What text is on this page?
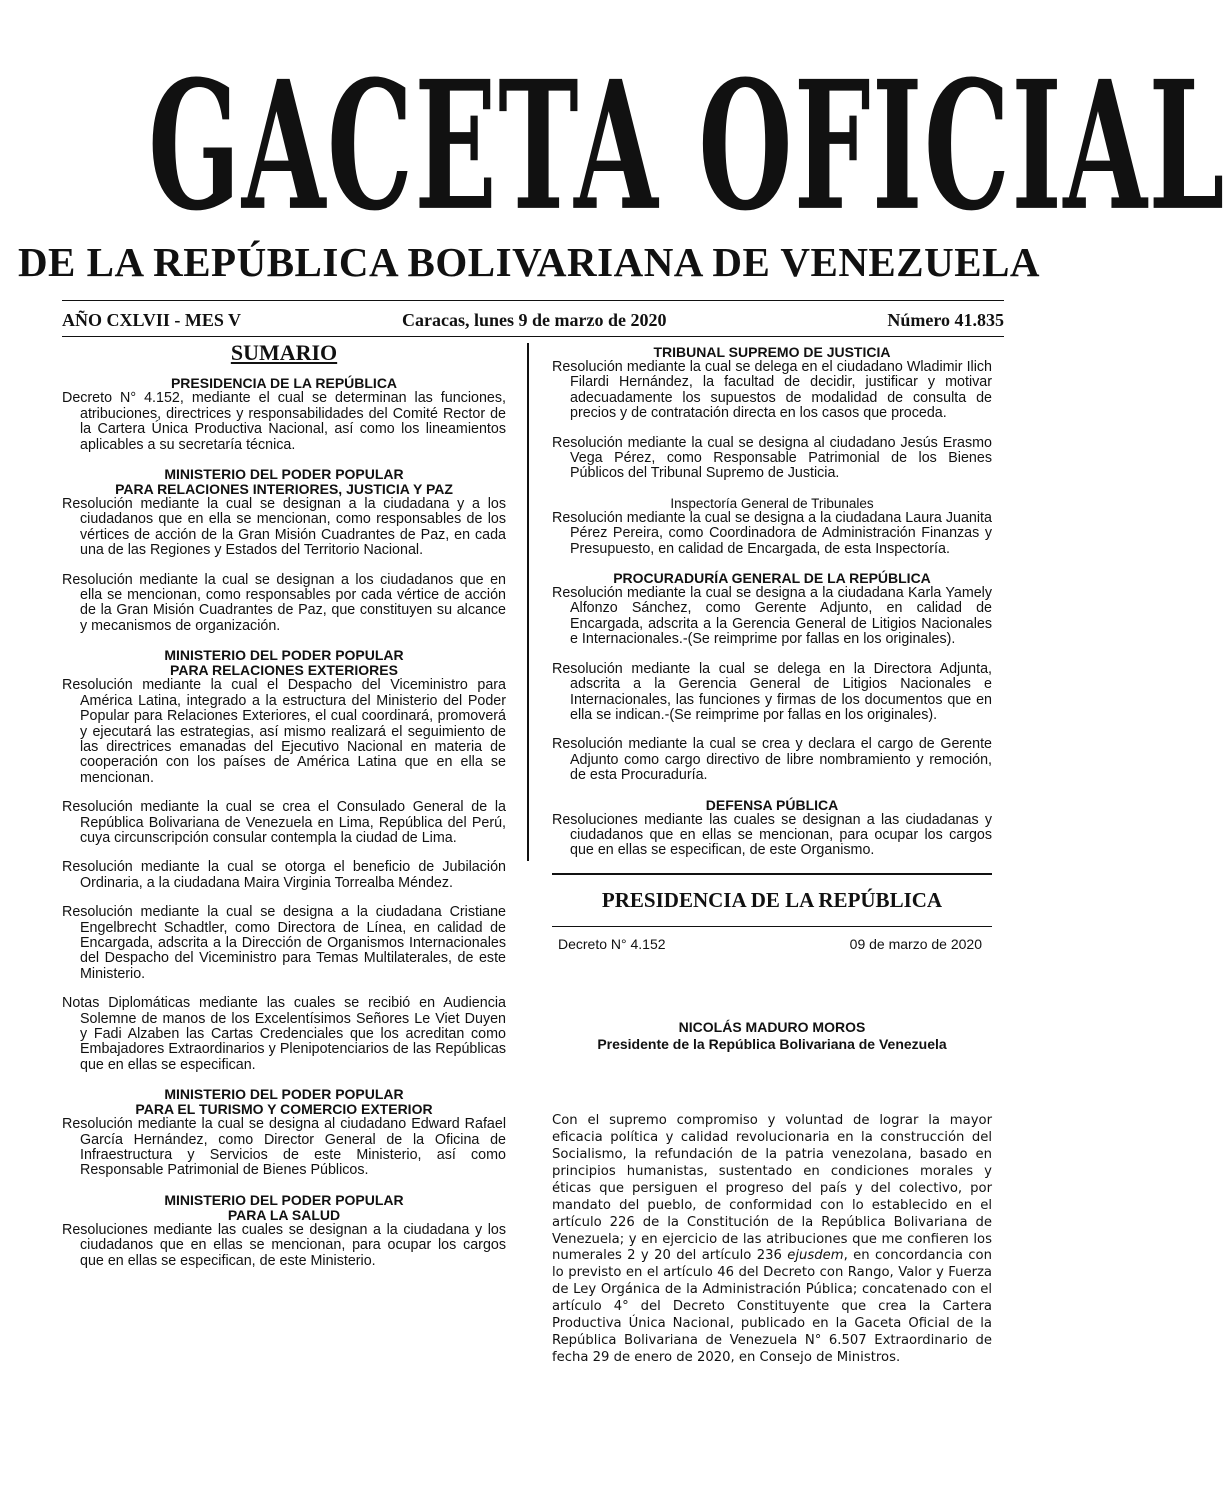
GACETA OFICIAL
DE LA REPÚBLICA BOLIVARIANA DE VENEZUELA
AÑO CXLVII - MES V	Caracas, lunes 9 de marzo de 2020	Número 41.835
SUMARIO
PRESIDENCIA DE LA REPÚBLICA
Decreto N° 4.152, mediante el cual se determinan las funciones, atribuciones, directrices y responsabilidades del Comité Rector de la Cartera Única Productiva Nacional, así como los lineamientos aplicables a su secretaría técnica.
MINISTERIO DEL PODER POPULAR
PARA RELACIONES INTERIORES, JUSTICIA Y PAZ
Resolución mediante la cual se designan a la ciudadana y a los ciudadanos que en ella se mencionan, como responsables de los vértices de acción de la Gran Misión Cuadrantes de Paz, en cada una de las Regiones y Estados del Territorio Nacional.
Resolución mediante la cual se designan a los ciudadanos que en ella se mencionan, como responsables por cada vértice de acción de la Gran Misión Cuadrantes de Paz, que constituyen su alcance y mecanismos de organización.
MINISTERIO DEL PODER POPULAR
PARA RELACIONES EXTERIORES
Resolución mediante la cual el Despacho del Viceministro para América Latina, integrado a la estructura del Ministerio del Poder Popular para Relaciones Exteriores, el cual coordinará, promoverá y ejecutará las estrategias, así mismo realizará el seguimiento de las directrices emanadas del Ejecutivo Nacional en materia de cooperación con los países de América Latina que en ella se mencionan.
Resolución mediante la cual se crea el Consulado General de la República Bolivariana de Venezuela en Lima, República del Perú, cuya circunscripción consular contempla la ciudad de Lima.
Resolución mediante la cual se otorga el beneficio de Jubilación Ordinaria, a la ciudadana Maira Virginia Torrealba Méndez.
Resolución mediante la cual se designa a la ciudadana Cristiane Engelbrecht Schadtler, como Directora de Línea, en calidad de Encargada, adscrita a la Dirección de Organismos Internacionales del Despacho del Viceministro para Temas Multilaterales, de este Ministerio.
Notas Diplomáticas mediante las cuales se recibió en Audiencia Solemne de manos de los Excelentísimos Señores Le Viet Duyen y Fadi Alzaben las Cartas Credenciales que los acreditan como Embajadores Extraordinarios y Plenipotenciarios de las Repúblicas que en ellas se especifican.
MINISTERIO DEL PODER POPULAR
PARA EL TURISMO Y COMERCIO EXTERIOR
Resolución mediante la cual se designa al ciudadano Edward Rafael García Hernández, como Director General de la Oficina de Infraestructura y Servicios de este Ministerio, así como Responsable Patrimonial de Bienes Públicos.
MINISTERIO DEL PODER POPULAR
PARA LA SALUD
Resoluciones mediante las cuales se designan a la ciudadana y los ciudadanos que en ellas se mencionan, para ocupar los cargos que en ellas se especifican, de este Ministerio.
TRIBUNAL SUPREMO DE JUSTICIA
Resolución mediante la cual se delega en el ciudadano Wladimir Ilich Filardi Hernández, la facultad de decidir, justificar y motivar adecuadamente los supuestos de modalidad de consulta de precios y de contratación directa en los casos que proceda.
Resolución mediante la cual se designa al ciudadano Jesús Erasmo Vega Pérez, como Responsable Patrimonial de los Bienes Públicos del Tribunal Supremo de Justicia.
Inspectoría General de Tribunales
Resolución mediante la cual se designa a la ciudadana Laura Juanita Pérez Pereira, como Coordinadora de Administración Finanzas y Presupuesto, en calidad de Encargada, de esta Inspectoría.
PROCURADURÍA GENERAL DE LA REPÚBLICA
Resolución mediante la cual se designa a la ciudadana Karla Yamely Alfonzo Sánchez, como Gerente Adjunto, en calidad de Encargada, adscrita a la Gerencia General de Litigios Nacionales e Internacionales.-(Se reimprime por fallas en los originales).
Resolución mediante la cual se delega en la Directora Adjunta, adscrita a la Gerencia General de Litigios Nacionales e Internacionales, las funciones y firmas de los documentos que en ella se indican.-(Se reimprime por fallas en los originales).
Resolución mediante la cual se crea y declara el cargo de Gerente Adjunto como cargo directivo de libre nombramiento y remoción, de esta Procuraduría.
DEFENSA PÚBLICA
Resoluciones mediante las cuales se designan a las ciudadanas y ciudadanos que en ellas se mencionan, para ocupar los cargos que en ellas se especifican, de este Organismo.
PRESIDENCIA DE LA REPÚBLICA
Decreto N° 4.152	09 de marzo de 2020
NICOLÁS MADURO MOROS
Presidente de la República Bolivariana de Venezuela
Con el supremo compromiso y voluntad de lograr la mayor eficacia política y calidad revolucionaria en la construcción del Socialismo, la refundación de la patria venezolana, basado en principios humanistas, sustentado en condiciones morales y éticas que persiguen el progreso del país y del colectivo, por mandato del pueblo, de conformidad con lo establecido en el artículo 226 de la Constitución de la República Bolivariana de Venezuela; y en ejercicio de las atribuciones que me confieren los numerales 2 y 20 del artículo 236 ejusdem, en concordancia con lo previsto en el artículo 46 del Decreto con Rango, Valor y Fuerza de Ley Orgánica de la Administración Pública; concatenado con el artículo 4° del Decreto Constituyente que crea la Cartera Productiva Única Nacional, publicado en la Gaceta Oficial de la República Bolivariana de Venezuela N° 6.507 Extraordinario de fecha 29 de enero de 2020, en Consejo de Ministros.
